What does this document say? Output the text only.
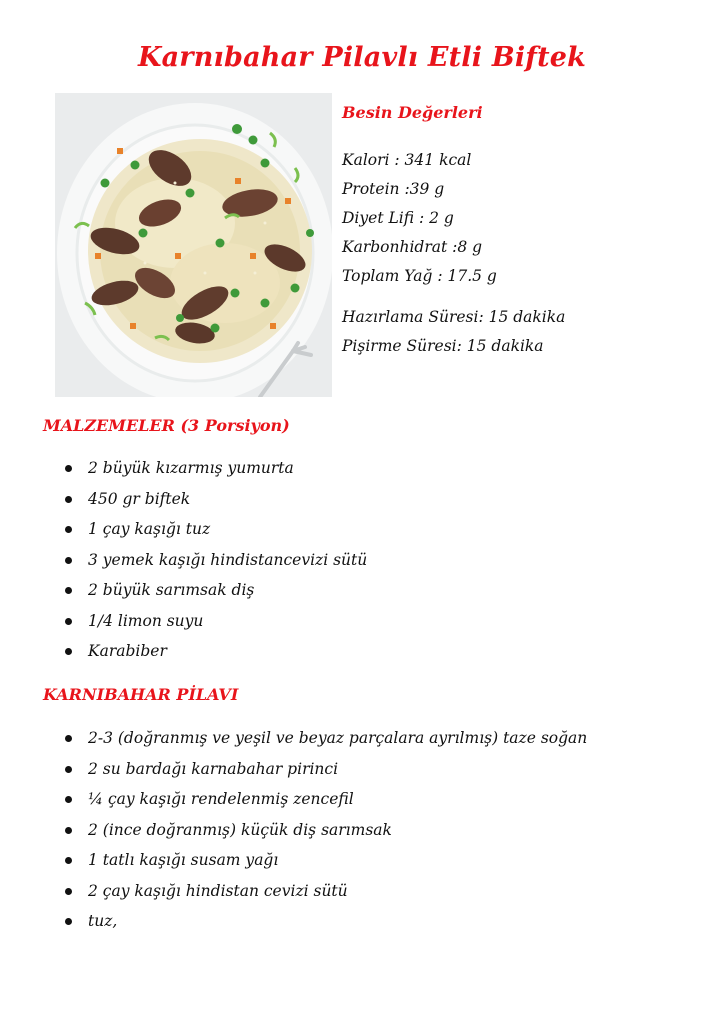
Karnıbahar Pilavlı Etli Biftek
Besin Değerleri

Kalori : 341 kcal

Protein :39 g

Diyet Lifi : 2 g

Karbonhidrat :8 g

Toplam Yağ : 17.5 g

Hazırlama Süresi: 15 dakika

Pişirme Süresi: 15 dakika

MALZEMELER (3 Porsiyon)
2 büyük kızarmış yumurta
450 gr biftek
1 çay kaşığı tuz
3 yemek kaşığı hindistancevizi sütü
2 büyük sarımsak diş
1/4 limon suyu
Karabiber
KARNIBAHAR PİLAVI
2-3 (doğranmış ve yeşil ve beyaz parçalara ayrılmış) taze soğan
2 su bardağı karnabahar pirinci
¼ çay kaşığı rendelenmiş zencefil
2 (ince doğranmış) küçük diş sarımsak
1 tatlı kaşığı susam yağı
2 çay kaşığı hindistan cevizi sütü
tuz,
